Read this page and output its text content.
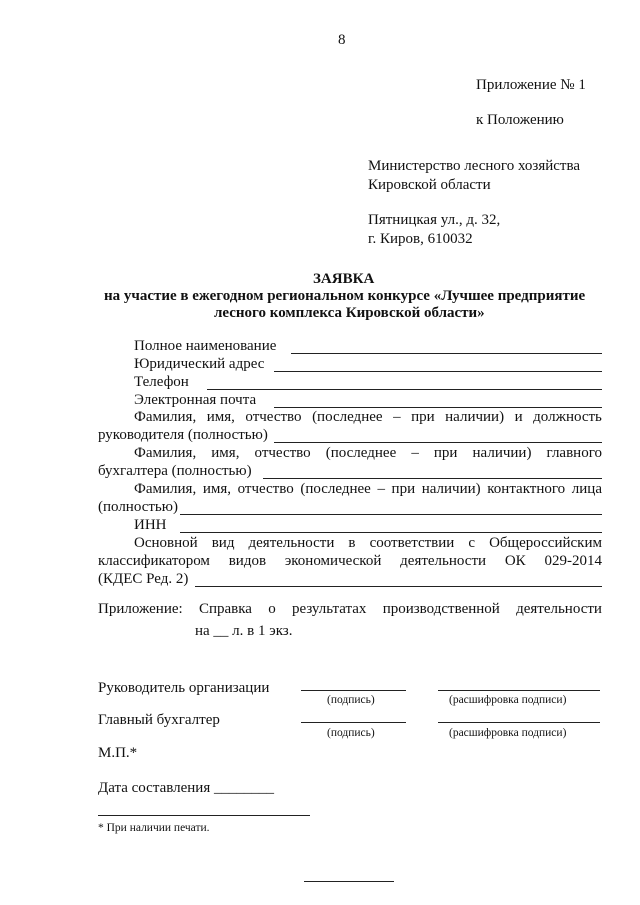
8
Приложение № 1
к Положению
Министерство лесного хозяйства
Кировской области
Пятницкая ул., д. 32,
г. Киров, 610032
ЗАЯВКА
на участие в ежегодном региональном конкурсе «Лучшее предприятие
лесного комплекса Кировской области»
Полное наименование
Юридический адрес
Телефон
Электронная почта
Фамилия, имя, отчество (последнее – при наличии) и должность
руководителя (полностью)
Фамилия, имя, отчество (последнее – при наличии) главного
бухгалтера (полностью)
Фамилия, имя, отчество (последнее – при наличии) контактного лица
(полностью)
ИНН
Основной вид деятельности в соответствии с Общероссийским
классификатором видов экономической деятельности ОК 029-2014
(КДЕС Ред. 2)
Приложение: Справка о результатах производственной деятельности
на __ л. в 1 экз.
Руководитель организации
(подпись)	(расшифровка подписи)
Главный бухгалтер
(подпись)	(расшифровка подписи)
М.П.*
Дата составления ________
* При наличии печати.
